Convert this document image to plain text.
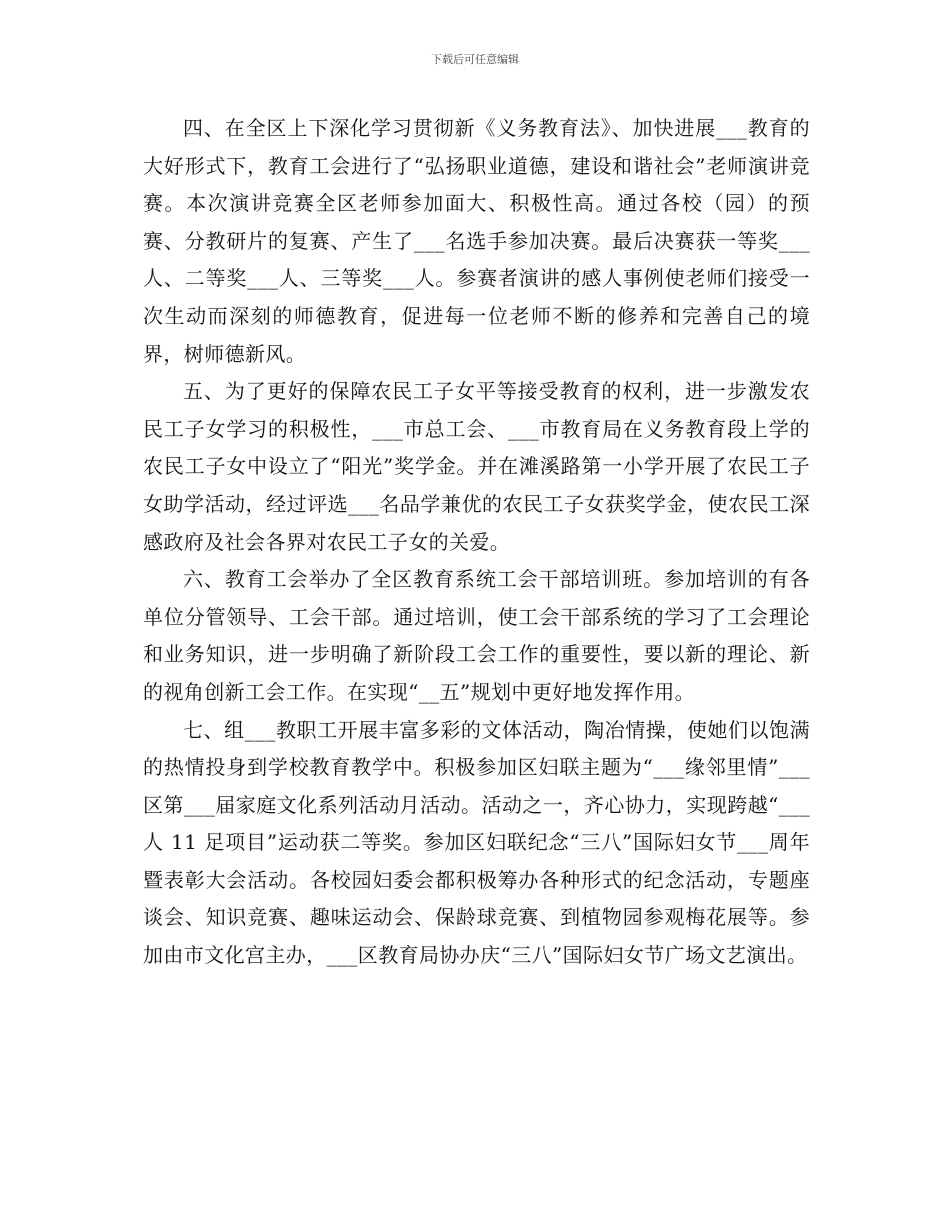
下载后可任意编辑

四、在全区上下深化学习贯彻新《义务教育法》、加快进展___教育的大好形式下，教育工会进行了“弘扬职业道德，建设和谐社会”老师演讲竞赛。本次演讲竞赛全区老师参加面大、积极性高。通过各校（园）的预赛、分教研片的复赛、产生了___名选手参加决赛。最后决赛获一等奖___人、二等奖___人、三等奖___人。参赛者演讲的感人事例使老师们接受一次生动而深刻的师德教育，促进每一位老师不断的修养和完善自己的境界，树师德新风。

五、为了更好的保障农民工子女平等接受教育的权利，进一步激发农民工子女学习的积极性，___市总工会、___市教育局在义务教育段上学的农民工子女中设立了“阳光”奖学金。并在滩溪路第一小学开展了农民工子女助学活动，经过评选___名品学兼优的农民工子女获奖学金，使农民工深感政府及社会各界对农民工子女的关爱。

六、教育工会举办了全区教育系统工会干部培训班。参加培训的有各单位分管领导、工会干部。通过培训，使工会干部系统的学习了工会理论和业务知识，进一步明确了新阶段工会工作的重要性，要以新的理论、新的视角创新工会工作。在实现“__五”规划中更好地发挥作用。

七、组___教职工开展丰富多彩的文体活动，陶冶情操，使她们以饱满的热情投身到学校教育教学中。积极参加区妇联主题为“___缘邻里情”___区第___届家庭文化系列活动月活动。活动之一，齐心协力，实现跨越“___人 11 足项目”运动获二等奖。参加区妇联纪念“三八”国际妇女节___周年暨表彰大会活动。各校园妇委会都积极筹办各种形式的纪念活动，专题座谈会、知识竞赛、趣味运动会、保龄球竞赛、到植物园参观梅花展等。参加由市文化宫主办，___区教育局协办庆“三八”国际妇女节广场文艺演出。
